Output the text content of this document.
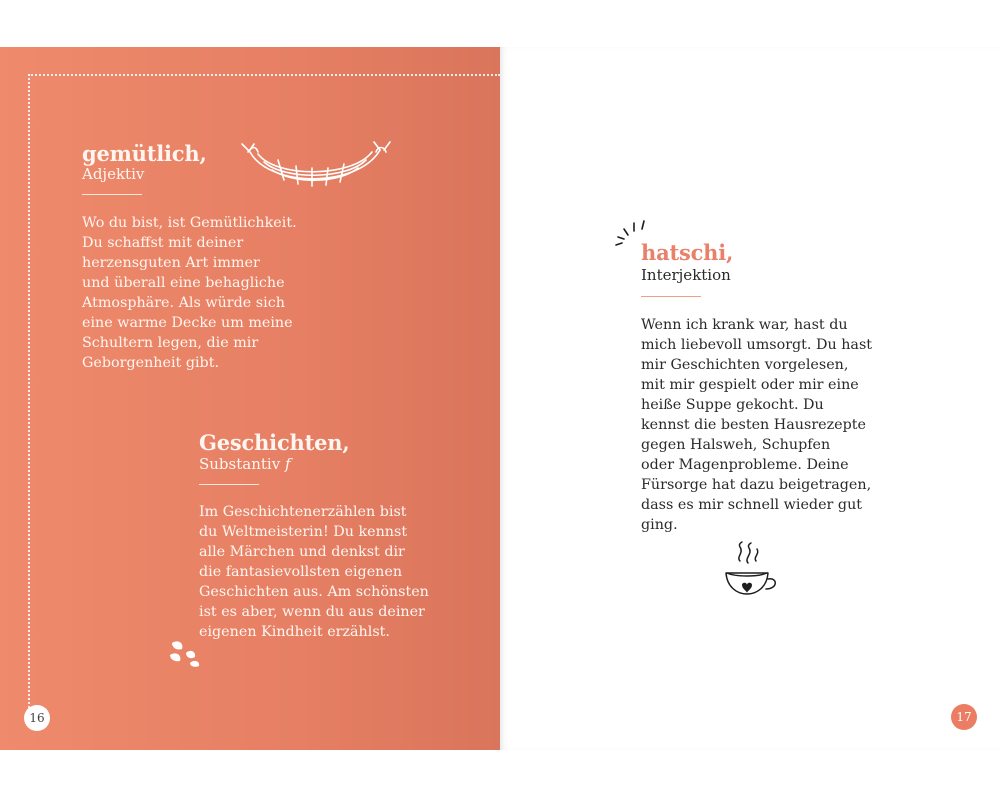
gemütlich,
Adjektiv
Wo du bist, ist Gemütlichkeit.
Du schaffst mit deiner
herzensguten Art immer
und überall eine behagliche
Atmosphäre. Als würde sich
eine warme Decke um meine
Schultern legen, die mir
Geborgenheit gibt.
Geschichten,
Substantiv f
Im Geschichtenerzählen bist
du Weltmeisterin! Du kennst
alle Märchen und denkst dir
die fantasievollsten eigenen
Geschichten aus. Am schönsten
ist es aber, wenn du aus deiner
eigenen Kindheit erzählst.
16
hatschi,
Interjektion
Wenn ich krank war, hast du
mich liebevoll umsorgt. Du hast
mir Geschichten vorgelesen,
mit mir gespielt oder mir eine
heiße Suppe gekocht. Du
kennst die besten Hausrezepte
gegen Halsweh, Schupfen
oder Magenprobleme. Deine
Fürsorge hat dazu beigetragen,
dass es mir schnell wieder gut
ging.
17
